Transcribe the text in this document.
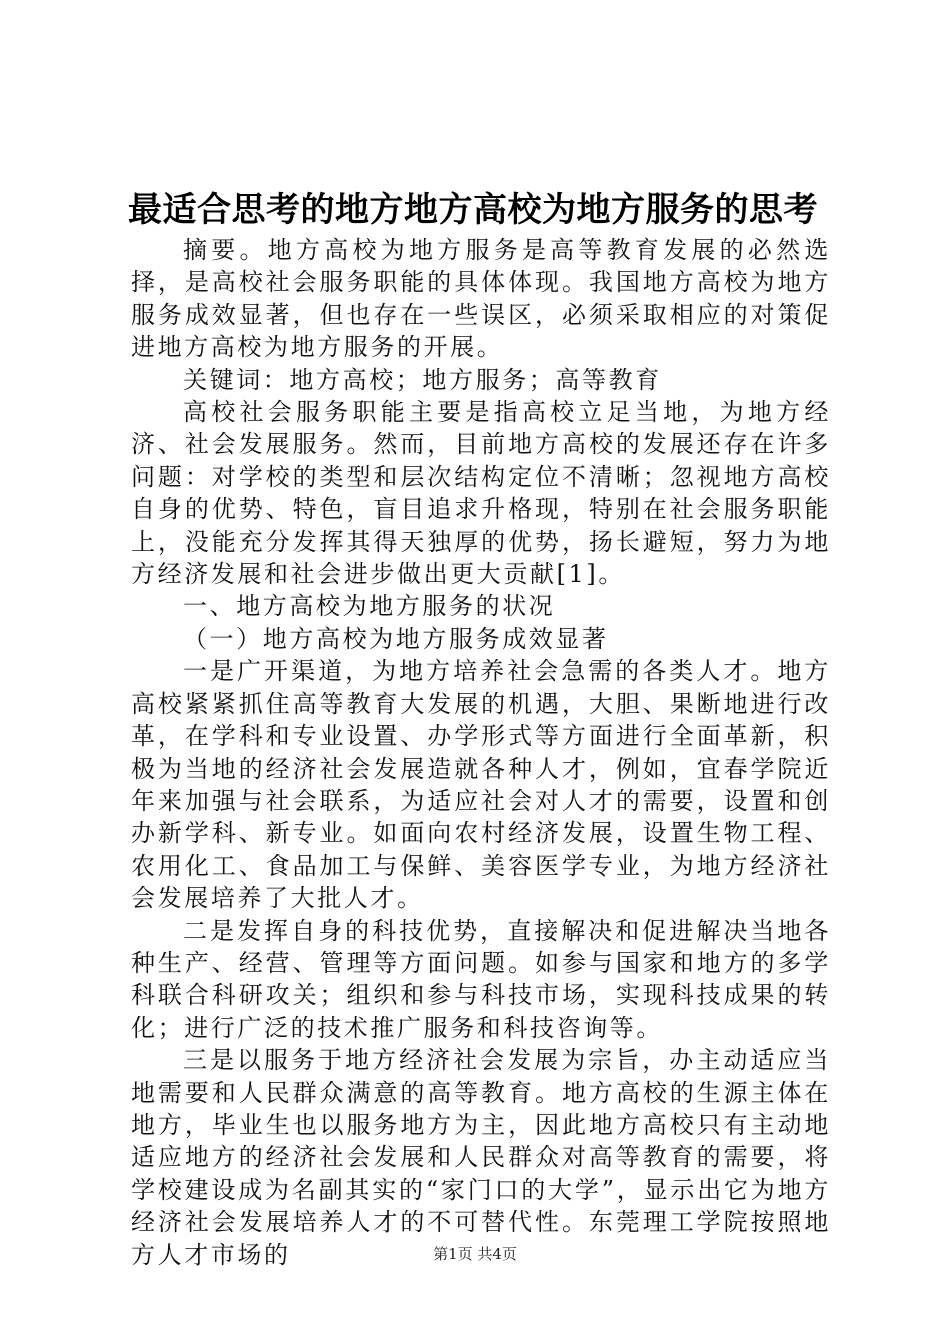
最适合思考的地方地方高校为地方服务的思考

摘要。地方高校为地方服务是高等教育发展的必然选择，是高校社会服务职能的具体体现。我国地方高校为地方服务成效显著，但也存在一些误区，必须采取相应的对策促进地方高校为地方服务的开展。

关键词：地方高校；地方服务；高等教育

高校社会服务职能主要是指高校立足当地，为地方经济、社会发展服务。然而，目前地方高校的发展还存在许多问题：对学校的类型和层次结构定位不清晰；忽视地方高校自身的优势、特色，盲目追求升格现，特别在社会服务职能上，没能充分发挥其得天独厚的优势，扬长避短，努力为地方经济发展和社会进步做出更大贡献[1]。

一、地方高校为地方服务的状况

（一）地方高校为地方服务成效显著

一是广开渠道，为地方培养社会急需的各类人才。地方高校紧紧抓住高等教育大发展的机遇，大胆、果断地进行改革，在学科和专业设置、办学形式等方面进行全面革新，积极为当地的经济社会发展造就各种人才，例如，宜春学院近年来加强与社会联系，为适应社会对人才的需要，设置和创办新学科、新专业。如面向农村经济发展，设置生物工程、农用化工、食品加工与保鲜、美容医学专业，为地方经济社会发展培养了大批人才。

二是发挥自身的科技优势，直接解决和促进解决当地各种生产、经营、管理等方面问题。如参与国家和地方的多学科联合科研攻关；组织和参与科技市场，实现科技成果的转化；进行广泛的技术推广服务和科技咨询等。

三是以服务于地方经济社会发展为宗旨，办主动适应当地需要和人民群众满意的高等教育。地方高校的生源主体在地方，毕业生也以服务地方为主，因此地方高校只有主动地适应地方的经济社会发展和人民群众对高等教育的需要，将学校建设成为名副其实的“家门口的大学”，显示出它为地方经济社会发展培养人才的不可替代性。东莞理工学院按照地方人才市场的	第1页 共4页
